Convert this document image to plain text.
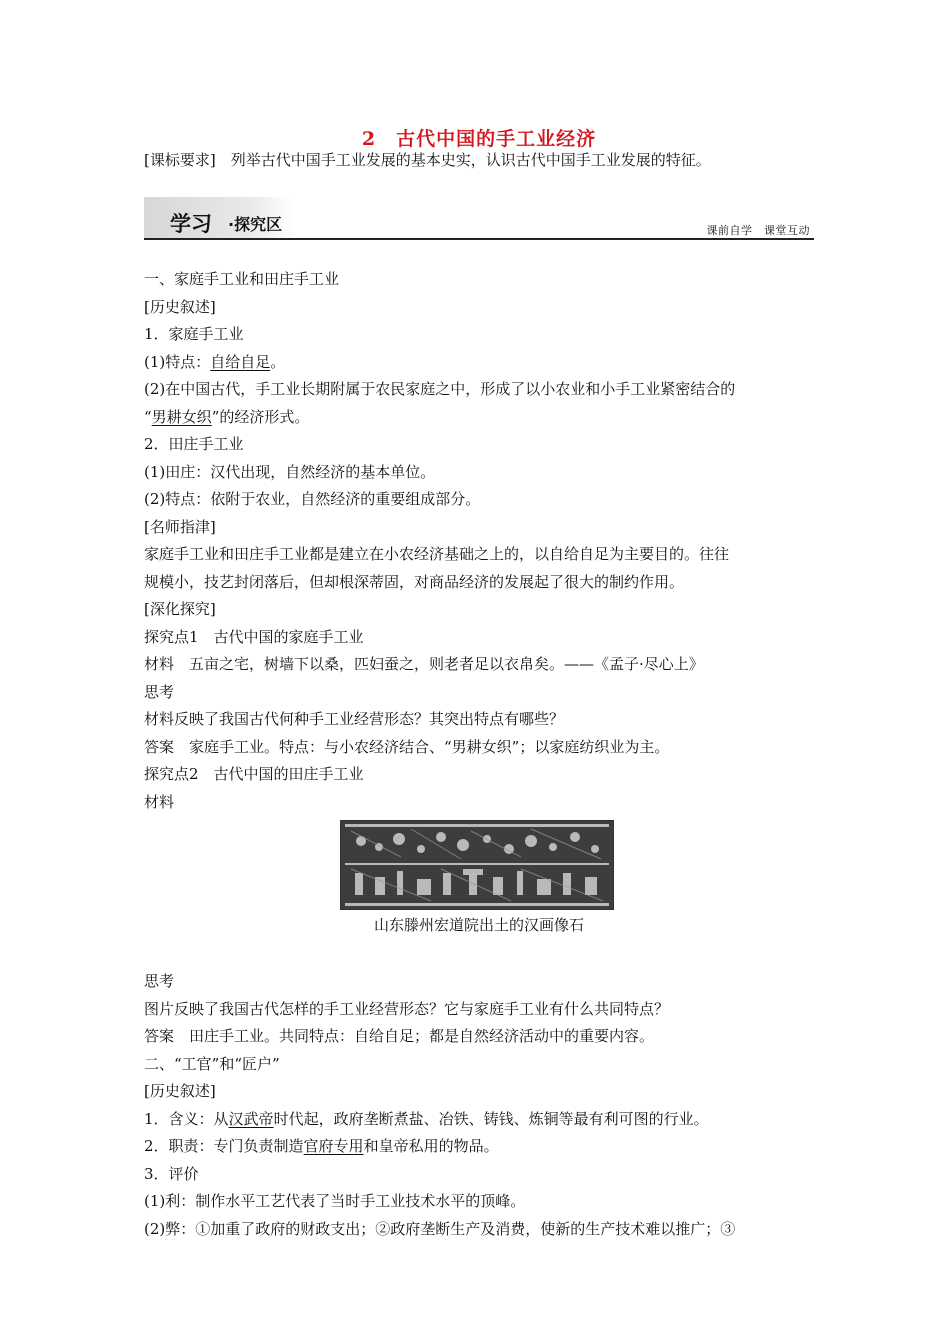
2　古代中国的手工业经济
[课标要求]　列举古代中国手工业发展的基本史实，认识古代中国手工业发展的特征。
学习 ·探究区	课前自学　课堂互动

一、家庭手工业和田庄手工业

[历史叙述]

1．家庭手工业

(1)特点：自给自足。

(2)在中国古代，手工业长期附属于农民家庭之中，形成了以小农业和小手工业紧密结合的

“男耕女织”的经济形式。

2．田庄手工业

(1)田庄：汉代出现，自然经济的基本单位。

(2)特点：依附于农业，自然经济的重要组成部分。

[名师指津]

家庭手工业和田庄手工业都是建立在小农经济基础之上的，以自给自足为主要目的。往往

规模小，技艺封闭落后，但却根深蒂固，对商品经济的发展起了很大的制约作用。

[深化探究]

探究点1　古代中国的家庭手工业

材料　五亩之宅，树墙下以桑，匹妇蚕之，则老者足以衣帛矣。——《孟子·尽心上》

思考

材料反映了我国古代何种手工业经营形态？其突出特点有哪些？

答案　家庭手工业。特点：与小农经济结合、“男耕女织”；以家庭纺织业为主。

探究点2　古代中国的田庄手工业

材料

山东滕州宏道院出土的汉画像石

思考

图片反映了我国古代怎样的手工业经营形态？它与家庭手工业有什么共同特点？

答案　田庄手工业。共同特点：自给自足；都是自然经济活动中的重要内容。

二、“工官”和“匠户”

[历史叙述]

1．含义：从汉武帝时代起，政府垄断煮盐、冶铁、铸钱、炼铜等最有利可图的行业。

2．职责：专门负责制造官府专用和皇帝私用的物品。

3．评价

(1)利：制作水平工艺代表了当时手工业技术水平的顶峰。

(2)弊：①加重了政府的财政支出；②政府垄断生产及消费，使新的生产技术难以推广；③
